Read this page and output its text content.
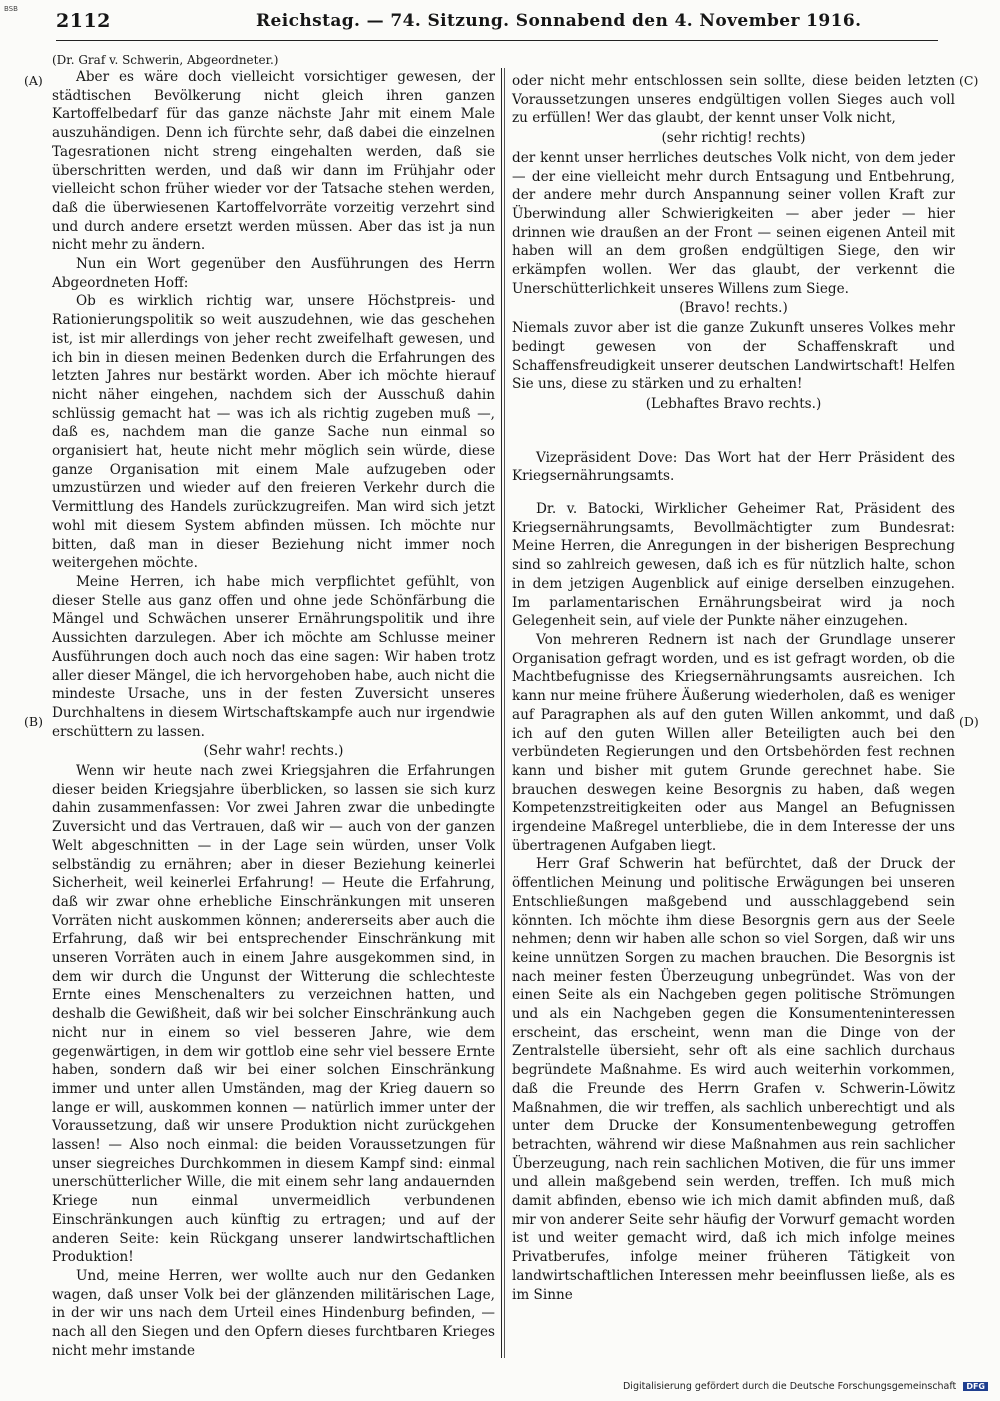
BSB
2112	Reichstag. — 74. Sitzung. Sonnabend den 4. November 1916.
(A)
(B)
(C)
(D)

(Dr. Graf v. Schwerin, Abgeordneter.)

Aber es wäre doch vielleicht vorsichtiger gewesen, der städtischen Bevölkerung nicht gleich ihren ganzen Kartoffelbedarf für das ganze nächste Jahr mit einem Male auszuhändigen. Denn ich fürchte sehr, daß dabei die einzelnen Tagesrationen nicht streng eingehalten werden, daß sie überschritten werden, und daß wir dann im Frühjahr oder vielleicht schon früher wieder vor der Tatsache stehen werden, daß die überwiesenen Kartoffelvorräte vorzeitig verzehrt sind und durch andere ersetzt werden müssen. Aber das ist ja nun nicht mehr zu ändern.

Nun ein Wort gegenüber den Ausführungen des Herrn Abgeordneten Hoff:

Ob es wirklich richtig war, unsere Höchstpreis- und Rationierungspolitik so weit auszudehnen, wie das geschehen ist, ist mir allerdings von jeher recht zweifelhaft gewesen, und ich bin in diesen meinen Bedenken durch die Erfahrungen des letzten Jahres nur bestärkt worden. Aber ich möchte hierauf nicht näher eingehen, nachdem sich der Ausschuß dahin schlüssig gemacht hat — was ich als richtig zugeben muß —, daß es, nachdem man die ganze Sache nun einmal so organisiert hat, heute nicht mehr möglich sein würde, diese ganze Organisation mit einem Male aufzugeben oder umzustürzen und wieder auf den freieren Verkehr durch die Vermittlung des Handels zurückzugreifen. Man wird sich jetzt wohl mit diesem System abfinden müssen. Ich möchte nur bitten, daß man in dieser Beziehung nicht immer noch weitergehen möchte.

Meine Herren, ich habe mich verpflichtet gefühlt, von dieser Stelle aus ganz offen und ohne jede Schönfärbung die Mängel und Schwächen unserer Ernährungspolitik und ihre Aussichten darzulegen. Aber ich möchte am Schlusse meiner Ausführungen doch auch noch das eine sagen: Wir haben trotz aller dieser Mängel, die ich hervorgehoben habe, auch nicht die mindeste Ursache, uns in der festen Zuversicht unseres Durchhaltens in diesem Wirtschaftskampfe auch nur irgendwie erschüttern zu lassen.

(Sehr wahr! rechts.)

Wenn wir heute nach zwei Kriegsjahren die Erfahrungen dieser beiden Kriegsjahre überblicken, so lassen sie sich kurz dahin zusammenfassen: Vor zwei Jahren zwar die unbedingte Zuversicht und das Vertrauen, daß wir — auch von der ganzen Welt abgeschnitten — in der Lage sein würden, unser Volk selbständig zu ernähren; aber in dieser Beziehung keinerlei Sicherheit, weil keinerlei Erfahrung! — Heute die Erfahrung, daß wir zwar ohne erhebliche Einschränkungen mit unseren Vorräten nicht auskommen können; andererseits aber auch die Erfahrung, daß wir bei entsprechender Einschränkung mit unseren Vorräten auch in einem Jahre ausgekommen sind, in dem wir durch die Ungunst der Witterung die schlechteste Ernte eines Menschenalters zu verzeichnen hatten, und deshalb die Gewißheit, daß wir bei solcher Einschränkung auch nicht nur in einem so viel besseren Jahre, wie dem gegenwärtigen, in dem wir gottlob eine sehr viel bessere Ernte haben, sondern daß wir bei einer solchen Einschränkung immer und unter allen Umständen, mag der Krieg dauern so lange er will, auskommen konnen — natürlich immer unter der Voraussetzung, daß wir unsere Produktion nicht zurückgehen lassen! — Also noch einmal: die beiden Voraussetzungen für unser siegreiches Durchkommen in diesem Kampf sind: einmal unerschütterlicher Wille, die mit einem sehr lang andauernden Kriege nun einmal unvermeidlich verbundenen Einschränkungen auch künftig zu ertragen; und auf der anderen Seite: kein Rückgang unserer landwirtschaftlichen Produktion!

Und, meine Herren, wer wollte auch nur den Gedanken wagen, daß unser Volk bei der glänzenden militärischen Lage, in der wir uns nach dem Urteil eines Hindenburg befinden, — nach all den Siegen und den Opfern dieses furchtbaren Krieges nicht mehr imstande

oder nicht mehr entschlossen sein sollte, diese beiden letzten Voraussetzungen unseres endgültigen vollen Sieges auch voll zu erfüllen! Wer das glaubt, der kennt unser Volk nicht,

(sehr richtig! rechts)

der kennt unser herrliches deutsches Volk nicht, von dem jeder — der eine vielleicht mehr durch Entsagung und Entbehrung, der andere mehr durch Anspannung seiner vollen Kraft zur Überwindung aller Schwierigkeiten — aber jeder — hier drinnen wie draußen an der Front — seinen eigenen Anteil mit haben will an dem großen endgültigen Siege, den wir erkämpfen wollen. Wer das glaubt, der verkennt die Unerschütterlichkeit unseres Willens zum Siege.

(Bravo! rechts.)

Niemals zuvor aber ist die ganze Zukunft unseres Volkes mehr bedingt gewesen von der Schaffenskraft und Schaffensfreudigkeit unserer deutschen Landwirtschaft! Helfen Sie uns, diese zu stärken und zu erhalten!

(Lebhaftes Bravo rechts.)

Vizepräsident Dove: Das Wort hat der Herr Präsident des Kriegsernährungsamts.

Dr. v. Batocki, Wirklicher Geheimer Rat, Präsident des Kriegsernährungsamts, Bevollmächtigter zum Bundesrat: Meine Herren, die Anregungen in der bisherigen Besprechung sind so zahlreich gewesen, daß ich es für nützlich halte, schon in dem jetzigen Augenblick auf einige derselben einzugehen. Im parlamentarischen Ernährungsbeirat wird ja noch Gelegenheit sein, auf viele der Punkte näher einzugehen.

Von mehreren Rednern ist nach der Grundlage unserer Organisation gefragt worden, und es ist gefragt worden, ob die Machtbefugnisse des Kriegsernährungsamts ausreichen. Ich kann nur meine frühere Äußerung wiederholen, daß es weniger auf Paragraphen als auf den guten Willen ankommt, und daß ich auf den guten Willen aller Beteiligten auch bei den verbündeten Regierungen und den Ortsbehörden fest rechnen kann und bisher mit gutem Grunde gerechnet habe. Sie brauchen deswegen keine Besorgnis zu haben, daß wegen Kompetenzstreitigkeiten oder aus Mangel an Befugnissen irgendeine Maßregel unterbliebe, die in dem Interesse der uns übertragenen Aufgaben liegt.

Herr Graf Schwerin hat befürchtet, daß der Druck der öffentlichen Meinung und politische Erwägungen bei unseren Entschließungen maßgebend und ausschlaggebend sein könnten. Ich möchte ihm diese Besorgnis gern aus der Seele nehmen; denn wir haben alle schon so viel Sorgen, daß wir uns keine unnützen Sorgen zu machen brauchen. Die Besorgnis ist nach meiner festen Überzeugung unbegründet. Was von der einen Seite als ein Nachgeben gegen politische Strömungen und als ein Nachgeben gegen die Konsumenteninteressen erscheint, das erscheint, wenn man die Dinge von der Zentralstelle übersieht, sehr oft als eine sachlich durchaus begründete Maßnahme. Es wird auch weiterhin vorkommen, daß die Freunde des Herrn Grafen v. Schwerin-Löwitz Maßnahmen, die wir treffen, als sachlich unberechtigt und als unter dem Drucke der Konsumentenbewegung getroffen betrachten, während wir diese Maßnahmen aus rein sachlicher Überzeugung, nach rein sachlichen Motiven, die für uns immer und allein maßgebend sein werden, treffen. Ich muß mich damit abfinden, ebenso wie ich mich damit abfinden muß, daß mir von anderer Seite sehr häufig der Vorwurf gemacht worden ist und weiter gemacht wird, daß ich mich infolge meines Privatberufes, infolge meiner früheren Tätigkeit von landwirtschaftlichen Interessen mehr beeinflussen ließe, als es im Sinne

Digitalisierung gefördert durch die Deutsche Forschungsgemeinschaft DFG
